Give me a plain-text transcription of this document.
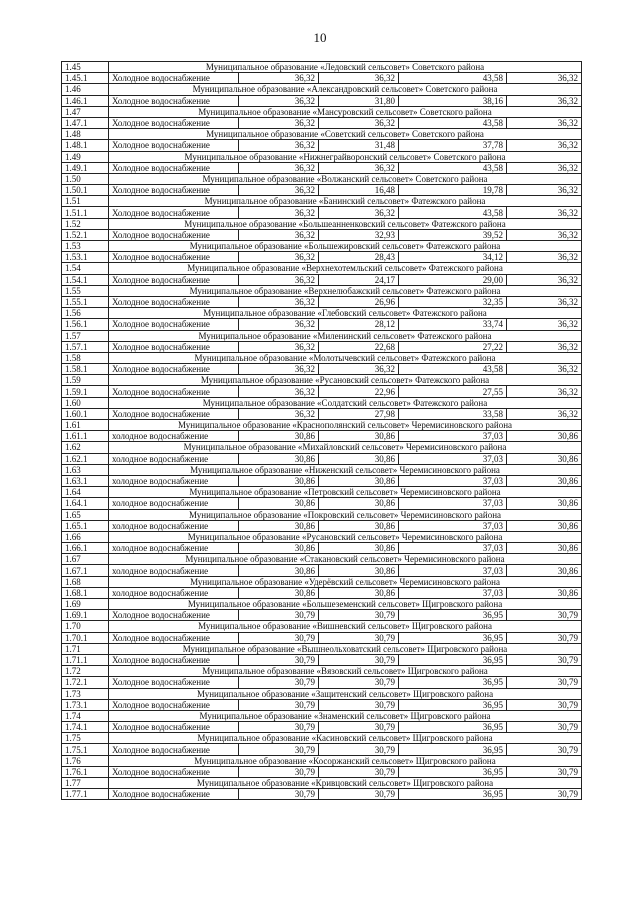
10
1.45	Муниципальное образование «Ледовский сельсовет» Советского района				
1.45.1	Холодное водоснабжение	36,32	36,32	43,58	36,32
1.46	Муниципальное образование «Александровский сельсовет» Советского района				
1.46.1	Холодное водоснабжение	36,32	31,80	38,16	36,32
1.47	Муниципальное образование «Мансуровский сельсовет» Советского района				
1.47.1	Холодное водоснабжение	36,32	36,32	43,58	36,32
1.48	Муниципальное образование «Советский сельсовет» Советского района				
1.48.1	Холодное водоснабжение	36,32	31,48	37,78	36,32
1.49	Муниципальное образование «Нижнеграйворонский сельсовет» Советского района				
1.49.1	Холодное водоснабжение	36,32	36,32	43,58	36,32
1.50	Муниципальное образование «Волжанский сельсовет» Советского района				
1.50.1	Холодное водоснабжение	36,32	16,48	19,78	36,32
1.51	Муниципальное образование «Банинский сельсовет» Фатежского района				
1.51.1	Холодное водоснабжение	36,32	36,32	43,58	36,32
1.52	Муниципальное образование «Большеанненковский сельсовет» Фатежского района				
1.52.1	Холодное водоснабжение	36,32	32,93	39,52	36,32
1.53	Муниципальное образование «Большежировский сельсовет» Фатежского района				
1.53.1	Холодное водоснабжение	36,32	28,43	34,12	36,32
1.54	Муниципальное образование «Верхнехотемльский сельсовет» Фатежского района				
1.54.1	Холодное водоснабжение	36,32	24,17	29,00	36,32
1.55	Муниципальное образование «Верхнелюбажский сельсовет» Фатежского района				
1.55.1	Холодное водоснабжение	36,32	26,96	32,35	36,32
1.56	Муниципальное образование «Глебовский сельсовет» Фатежского района				
1.56.1	Холодное водоснабжение	36,32	28,12	33,74	36,32
1.57	Муниципальное образование «Миленинский сельсовет» Фатежского района				
1.57.1	Холодное водоснабжение	36,32	22,68	27,22	36,32
1.58	Муниципальное образование «Молотычевский сельсовет» Фатежского района				
1.58.1	Холодное водоснабжение	36,32	36,32	43,58	36,32
1.59	Муниципальное образование «Русановский сельсовет» Фатежского района				
1.59.1	Холодное водоснабжение	36,32	22,96	27,55	36,32
1.60	Муниципальное образование «Солдатский сельсовет» Фатежского района				
1.60.1	Холодное водоснабжение	36,32	27,98	33,58	36,32
1.61	Муниципальное образование «Краснополянский сельсовет» Черемисиновского района				
1.61.1	холодное водоснабжение	30,86	30,86	37,03	30,86
1.62	Муниципальное образование «Михайловский сельсовет» Черемисиновского района				
1.62.1	холодное водоснабжение	30,86	30,86	37,03	30,86
1.63	Муниципальное образование «Ниженский сельсовет» Черемисиновского района				
1.63.1	холодное водоснабжение	30,86	30,86	37,03	30,86
1.64	Муниципальное образование «Петровский сельсовет» Черемисиновского района				
1.64.1	холодное водоснабжение	30,86	30,86	37,03	30,86
1.65	Муниципальное образование «Покровский сельсовет» Черемисиновского района				
1.65.1	холодное водоснабжение	30,86	30,86	37,03	30,86
1.66	Муниципальное образование «Русановский сельсовет» Черемисиновского района				
1.66.1	холодное водоснабжение	30,86	30,86	37,03	30,86
1.67	Муниципальное образование «Стакановский сельсовет» Черемисиновского района				
1.67.1	холодное водоснабжение	30,86	30,86	37,03	30,86
1.68	Муниципальное образование «Удерёвский сельсовет» Черемисиновского района				
1.68.1	холодное водоснабжение	30,86	30,86	37,03	30,86
1.69	Муниципальное образование «Большеземенский сельсовет» Щигровского района				
1.69.1	Холодное водоснабжение	30,79	30,79	36,95	30,79
1.70	Муниципальное образование «Вишневский сельсовет» Щигровского района				
1.70.1	Холодное водоснабжение	30,79	30,79	36,95	30,79
1.71	Муниципальное образование «Вышнеольховатский сельсовет» Щигровского района				
1.71.1	Холодное водоснабжение	30,79	30,79	36,95	30,79
1.72	Муниципальное образование «Вязовский сельсовет» Щигровского района				
1.72.1	Холодное водоснабжение	30,79	30,79	36,95	30,79
1.73	Муниципальное образование «Защитенский сельсовет» Щигровского района				
1.73.1	Холодное водоснабжение	30,79	30,79	36,95	30,79
1.74	Муниципальное образование «Знаменский сельсовет» Щигровского района				
1.74.1	Холодное водоснабжение	30,79	30,79	36,95	30,79
1.75	Муниципальное образование «Касиновский сельсовет» Щигровского района				
1.75.1	Холодное водоснабжение	30,79	30,79	36,95	30,79
1.76	Муниципальное образование «Косоржанский сельсовет» Щигровского района				
1.76.1	Холодное водоснабжение	30,79	30,79	36,95	30,79
1.77	Муниципальное образование «Кривцовский сельсовет» Щигровского района				
1.77.1	Холодное водоснабжение	30,79	30,79	36,95	30,79
